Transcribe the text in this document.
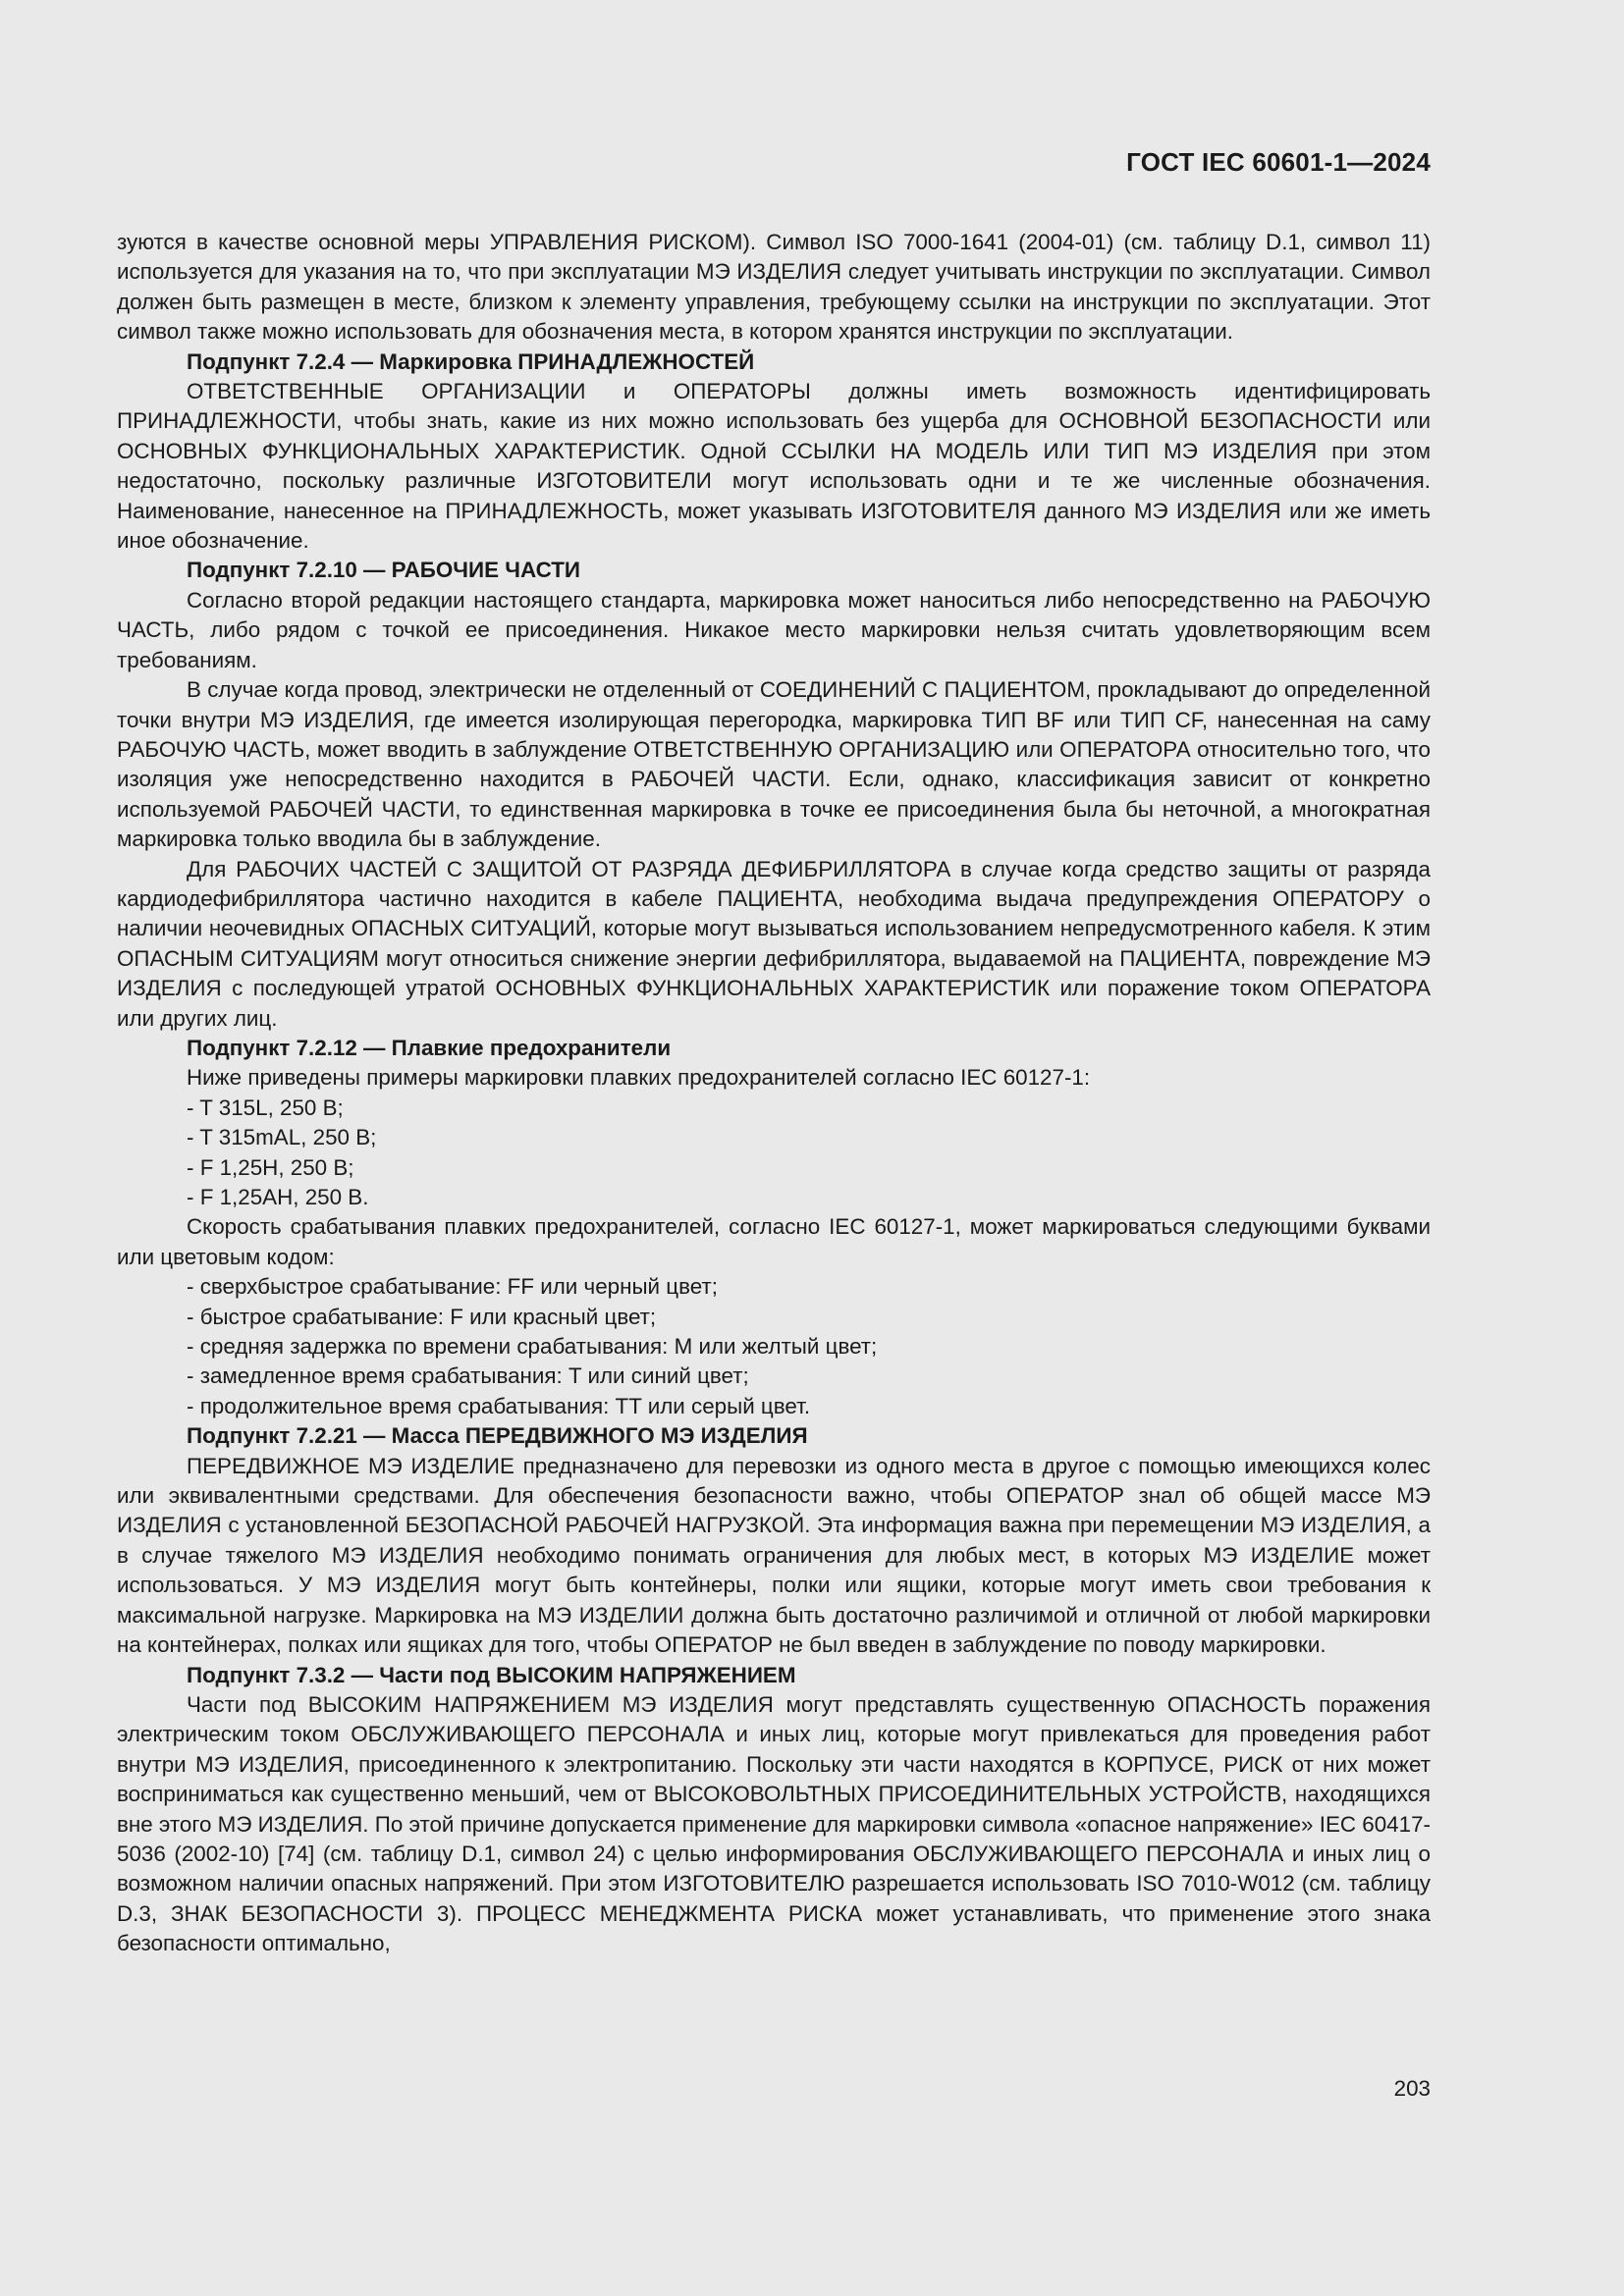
ГОСТ IEC 60601-1—2024

зуются в качестве основной меры УПРАВЛЕНИЯ РИСКОМ). Символ ISO 7000-1641 (2004-01) (см. таблицу D.1, символ 11) используется для указания на то, что при эксплуатации МЭ ИЗДЕЛИЯ следует учитывать инструкции по эксплуатации. Символ должен быть размещен в месте, близком к элементу управления, требующему ссылки на инструкции по эксплуатации. Этот символ также можно использовать для обозначения места, в котором хранятся инструкции по эксплуатации.

Подпункт 7.2.4 — Маркировка ПРИНАДЛЕЖНОСТЕЙ

ОТВЕТСТВЕННЫЕ ОРГАНИЗАЦИИ и ОПЕРАТОРЫ должны иметь возможность идентифицировать ПРИНАДЛЕЖНОСТИ, чтобы знать, какие из них можно использовать без ущерба для ОСНОВНОЙ БЕЗОПАСНОСТИ или ОСНОВНЫХ ФУНКЦИОНАЛЬНЫХ ХАРАКТЕРИСТИК. Одной ССЫЛКИ НА МОДЕЛЬ ИЛИ ТИП МЭ ИЗДЕЛИЯ при этом недостаточно, поскольку различные ИЗГОТОВИТЕЛИ могут использовать одни и те же численные обозначения. Наименование, нанесенное на ПРИНАДЛЕЖНОСТЬ, может указывать ИЗГОТОВИТЕЛЯ данного МЭ ИЗДЕЛИЯ или же иметь иное обозначение.

Подпункт 7.2.10 — РАБОЧИЕ ЧАСТИ

Согласно второй редакции настоящего стандарта, маркировка может наноситься либо непосредственно на РАБОЧУЮ ЧАСТЬ, либо рядом с точкой ее присоединения. Никакое место маркировки нельзя считать удовлетворяющим всем требованиям.

В случае когда провод, электрически не отделенный от СОЕДИНЕНИЙ С ПАЦИЕНТОМ, прокладывают до определенной точки внутри МЭ ИЗДЕЛИЯ, где имеется изолирующая перегородка, маркировка ТИП BF или ТИП CF, нанесенная на саму РАБОЧУЮ ЧАСТЬ, может вводить в заблуждение ОТВЕТСТВЕННУЮ ОРГАНИЗАЦИЮ или ОПЕРАТОРА относительно того, что изоляция уже непосредственно находится в РАБОЧЕЙ ЧАСТИ. Если, однако, классификация зависит от конкретно используемой РАБОЧЕЙ ЧАСТИ, то единственная маркировка в точке ее присоединения была бы неточной, а многократная маркировка только вводила бы в заблуждение.

Для РАБОЧИХ ЧАСТЕЙ С ЗАЩИТОЙ ОТ РАЗРЯДА ДЕФИБРИЛЛЯТОРА в случае когда средство защиты от разряда кардиодефибриллятора частично находится в кабеле ПАЦИЕНТА, необходима выдача предупреждения ОПЕРАТОРУ о наличии неочевидных ОПАСНЫХ СИТУАЦИЙ, которые могут вызываться использованием непредусмотренного кабеля. К этим ОПАСНЫМ СИТУАЦИЯМ могут относиться снижение энергии дефибриллятора, выдаваемой на ПАЦИЕНТА, повреждение МЭ ИЗДЕЛИЯ с последующей утратой ОСНОВНЫХ ФУНКЦИОНАЛЬНЫХ ХАРАКТЕРИСТИК или поражение током ОПЕРАТОРА или других лиц.

Подпункт 7.2.12 — Плавкие предохранители

Ниже приведены примеры маркировки плавких предохранителей согласно IEC 60127-1:

- T 315L, 250 В;
- T 315mAL, 250 В;
- F 1,25H, 250 В;
- F 1,25AH, 250 В.

Скорость срабатывания плавких предохранителей, согласно IEC 60127-1, может маркироваться следующими буквами или цветовым кодом:

- сверхбыстрое срабатывание: FF или черный цвет;
- быстрое срабатывание: F или красный цвет;
- средняя задержка по времени срабатывания: M или желтый цвет;
- замедленное время срабатывания: T или синий цвет;
- продолжительное время срабатывания: TT или серый цвет.

Подпункт 7.2.21 — Масса ПЕРЕДВИЖНОГО МЭ ИЗДЕЛИЯ

ПЕРЕДВИЖНОЕ МЭ ИЗДЕЛИЕ предназначено для перевозки из одного места в другое с помощью имеющихся колес или эквивалентными средствами. Для обеспечения безопасности важно, чтобы ОПЕРАТОР знал об общей массе МЭ ИЗДЕЛИЯ с установленной БЕЗОПАСНОЙ РАБОЧЕЙ НАГРУЗКОЙ. Эта информация важна при перемещении МЭ ИЗДЕЛИЯ, а в случае тяжелого МЭ ИЗДЕЛИЯ необходимо понимать ограничения для любых мест, в которых МЭ ИЗДЕЛИЕ может использоваться. У МЭ ИЗДЕЛИЯ могут быть контейнеры, полки или ящики, которые могут иметь свои требования к максимальной нагрузке. Маркировка на МЭ ИЗДЕЛИИ должна быть достаточно различимой и отличной от любой маркировки на контейнерах, полках или ящиках для того, чтобы ОПЕРАТОР не был введен в заблуждение по поводу маркировки.

Подпункт 7.3.2 — Части под ВЫСОКИМ НАПРЯЖЕНИЕМ

Части под ВЫСОКИМ НАПРЯЖЕНИЕМ МЭ ИЗДЕЛИЯ могут представлять существенную ОПАСНОСТЬ поражения электрическим током ОБСЛУЖИВАЮЩЕГО ПЕРСОНАЛА и иных лиц, которые могут привлекаться для проведения работ внутри МЭ ИЗДЕЛИЯ, присоединенного к электропитанию. Поскольку эти части находятся в КОРПУСЕ, РИСК от них может восприниматься как существенно меньший, чем от ВЫСОКОВОЛЬТНЫХ ПРИСОЕДИНИТЕЛЬНЫХ УСТРОЙСТВ, находящихся вне этого МЭ ИЗДЕЛИЯ. По этой причине допускается применение для маркировки символа «опасное напряжение» IEC 60417-5036 (2002-10) [74] (см. таблицу D.1, символ 24) с целью информирования ОБСЛУЖИВАЮЩЕГО ПЕРСОНАЛА и иных лиц о возможном наличии опасных напряжений. При этом ИЗГОТОВИТЕЛЮ разрешается использовать ISO 7010-W012 (см. таблицу D.3, ЗНАК БЕЗОПАСНОСТИ 3). ПРОЦЕСС МЕНЕДЖМЕНТА РИСКА может устанавливать, что применение этого знака безопасности оптимально,

203
